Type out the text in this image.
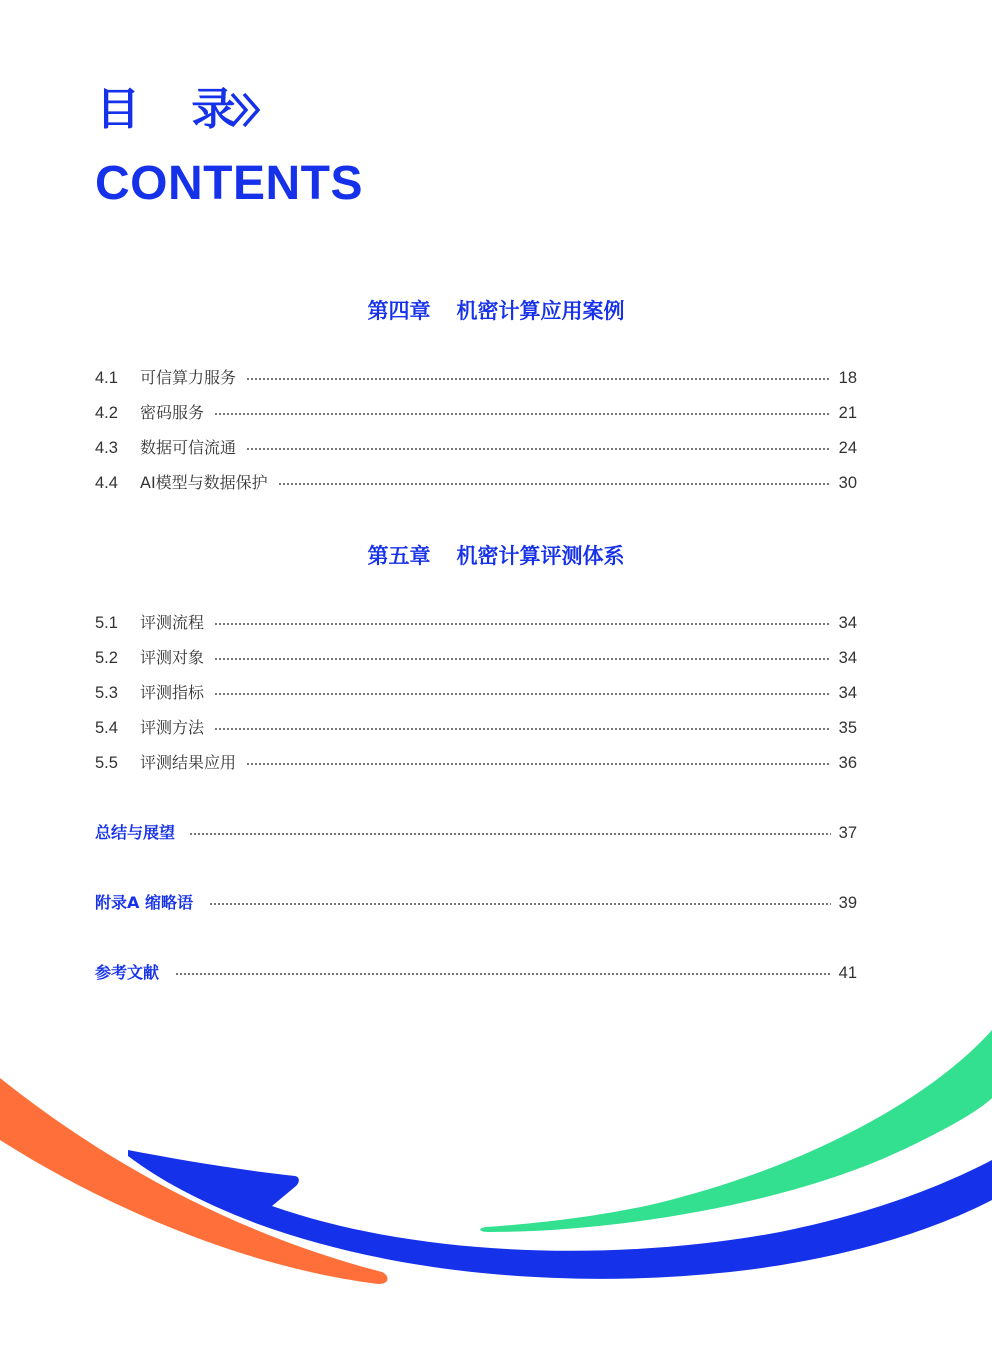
目 录
CONTENTS
第四章 机密计算应用案例
4.1	可信算力服务	18
4.2	密码服务	21
4.3	数据可信流通	24
4.4	AI模型与数据保护	30
第五章 机密计算评测体系
5.1	评测流程	34
5.2	评测对象	34
5.3	评测指标	34
5.4	评测方法	35
5.5	评测结果应用	36
总结与展望	37
附录A 缩略语	39
参考文献	41
